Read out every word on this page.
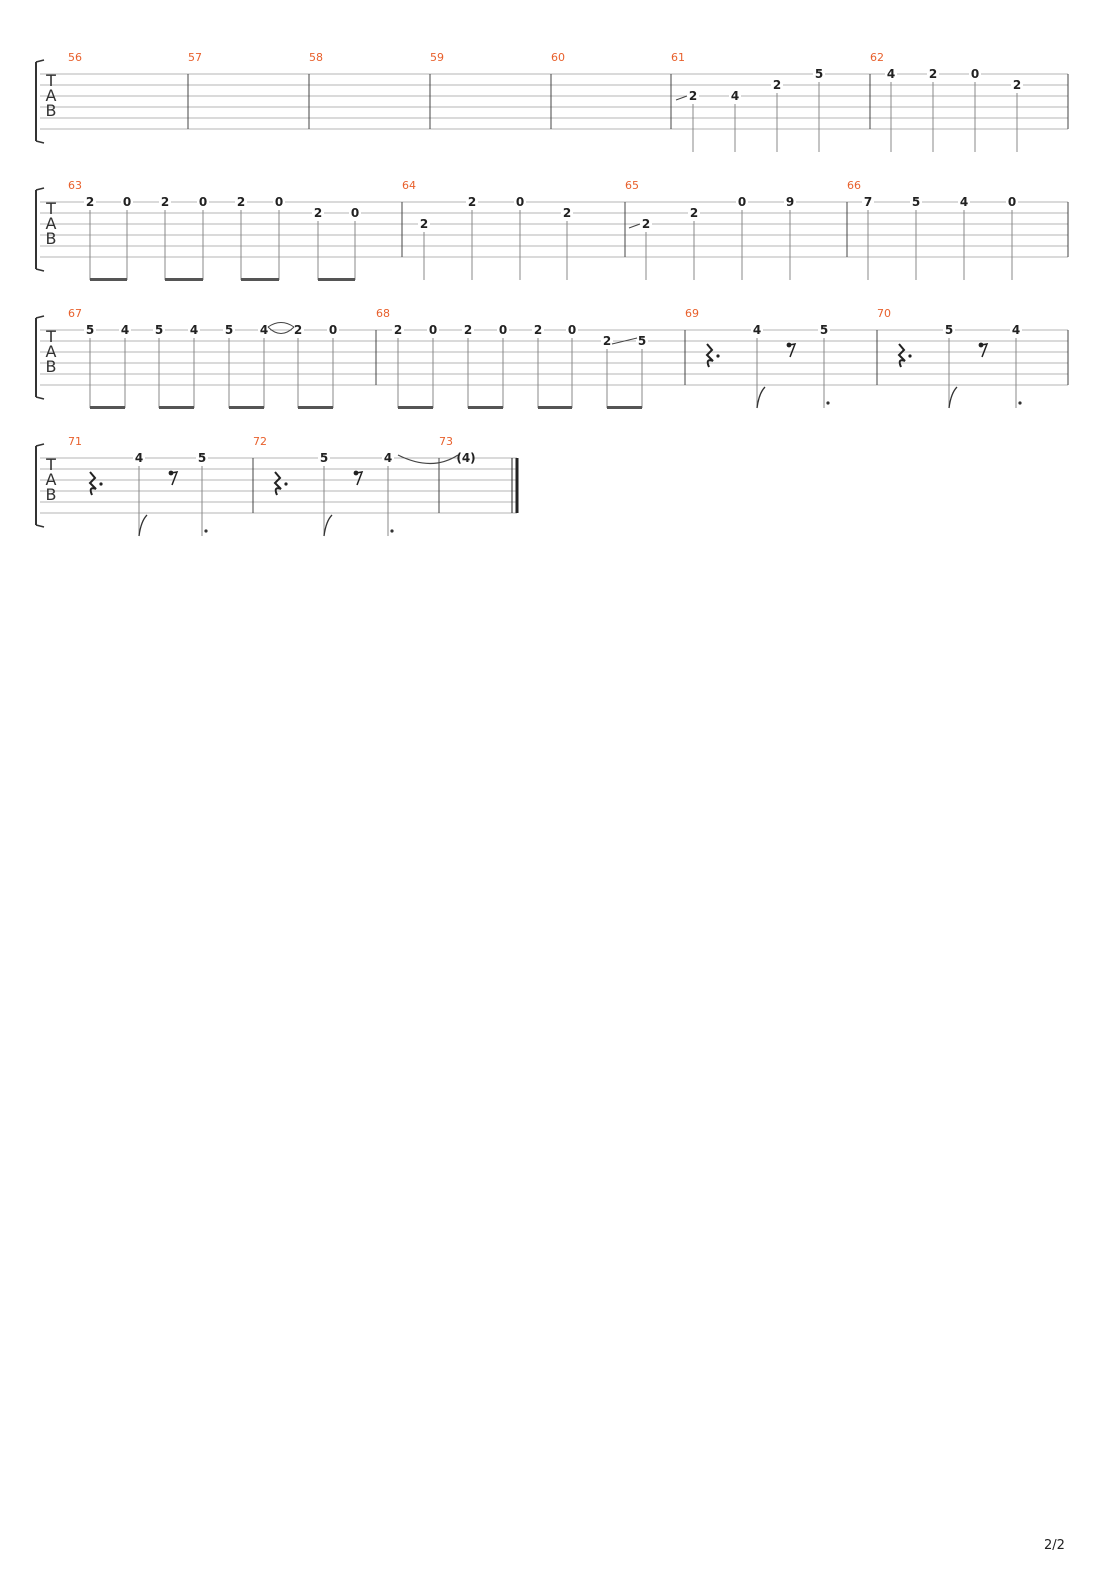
T
A
B
56	57	58	59	60	61
2	4
2
5
62
4	2	0
2
T
A
B
63
2 0 2 0 2 0
2 0
64
2
2	0
2
65
2
2
0	9
66
7	5	4	0
T
A
B
67
5 4 5 4 5 4 2 0
68
2 0 2 0 2 0
2 5
69
4	5
70
5	4
T
A
B
71
4	5
72
5	4
73
(4)
2/2
